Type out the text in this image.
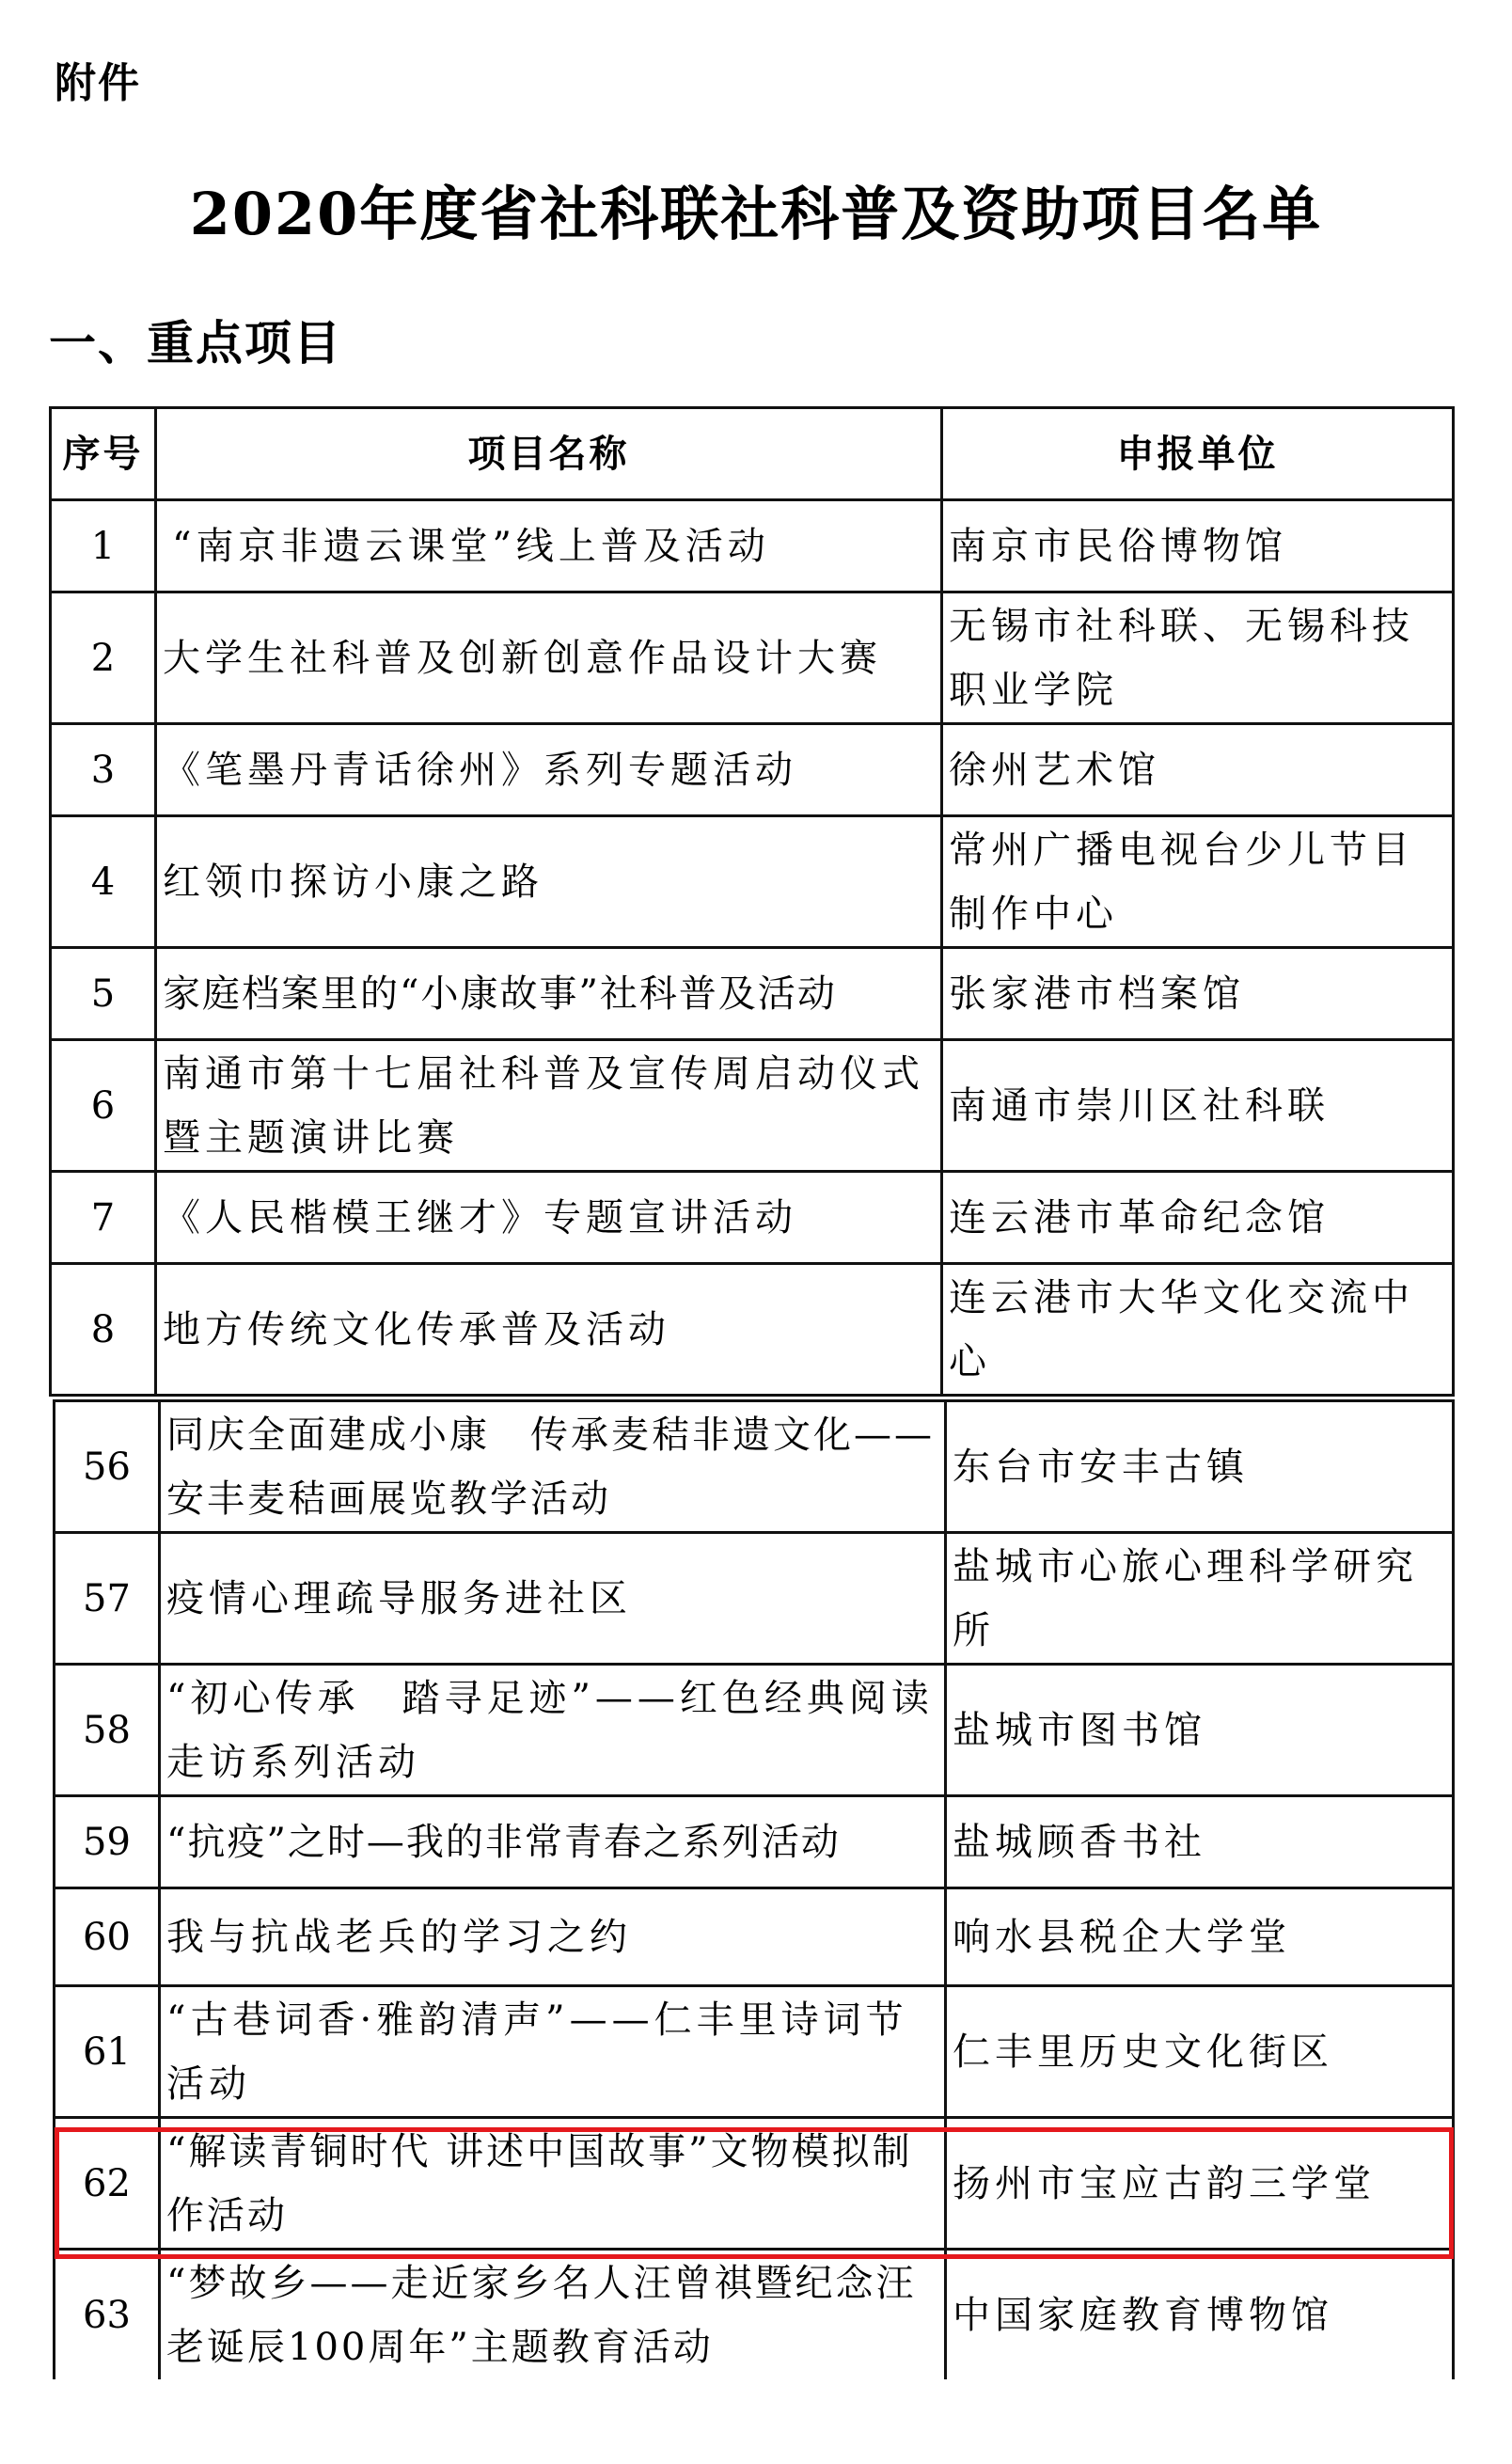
附件
2020年度省社科联社科普及资助项目名单
一、重点项目
序号	项目名称	申报单位
1	“南京非遗云课堂”线上普及活动	南京市民俗博物馆
2	大学生社科普及创新创意作品设计大赛	无锡市社科联、无锡科技职业学院
3	《笔墨丹青话徐州》系列专题活动	徐州艺术馆
4	红领巾探访小康之路	常州广播电视台少儿节目制作中心
5	家庭档案里的“小康故事”社科普及活动	张家港市档案馆
6	南通市第十七届社科普及宣传周启动仪式暨主题演讲比赛	南通市崇川区社科联
7	《人民楷模王继才》专题宣讲活动	连云港市革命纪念馆
8	地方传统文化传承普及活动	连云港市大华文化交流中心
56	同庆全面建成小康　传承麦秸非遗文化——安丰麦秸画展览教学活动	东台市安丰古镇
57	疫情心理疏导服务进社区	盐城市心旅心理科学研究所
58	“初心传承　踏寻足迹”——红色经典阅读走访系列活动	盐城市图书馆
59	“抗疫”之时—我的非常青春之系列活动	盐城顾香书社
60	我与抗战老兵的学习之约	响水县税企大学堂
61	“古巷词香·雅韵清声”——仁丰里诗词节活动	仁丰里历史文化街区
62	“解读青铜时代 讲述中国故事”文物模拟制作活动	扬州市宝应古韵三学堂
63	“梦故乡——走近家乡名人汪曾祺暨纪念汪老诞辰100周年”主题教育活动	中国家庭教育博物馆
